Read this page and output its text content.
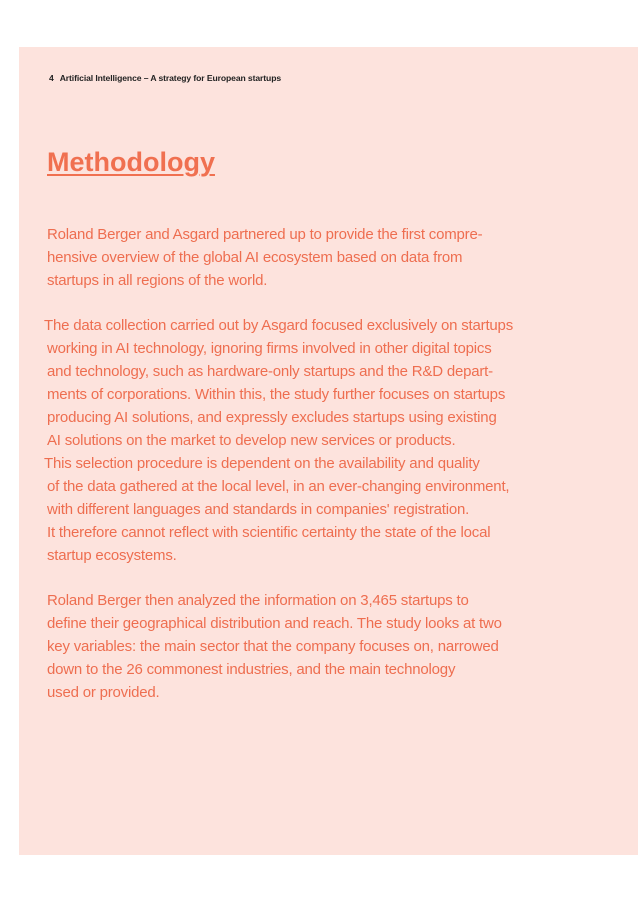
4 Artificial Intelligence – A strategy for European startups
Methodology

Roland Berger and Asgard partnered up to provide the first compre-
hensive overview of the global AI ecosystem based on data from
startups in all regions of the world.

The data collection carried out by Asgard focused exclusively on startups
working in AI technology, ignoring firms involved in other digital topics
and technology, such as hardware-only startups and the R&D depart-
ments of corporations. Within this, the study further focuses on startups
producing AI solutions, and expressly excludes startups using existing
AI solutions on the market to develop new services or products.
This selection procedure is dependent on the availability and quality
of the data gathered at the local level, in an ever-changing environment,
with different languages and standards in companies' registration.
It therefore cannot reflect with scientific certainty the state of the local
startup ecosystems.

Roland Berger then analyzed the information on 3,465 startups to
define their geographical distribution and reach. The study looks at two
key variables: the main sector that the company focuses on, narrowed
down to the 26 commonest industries, and the main technology
used or provided.
